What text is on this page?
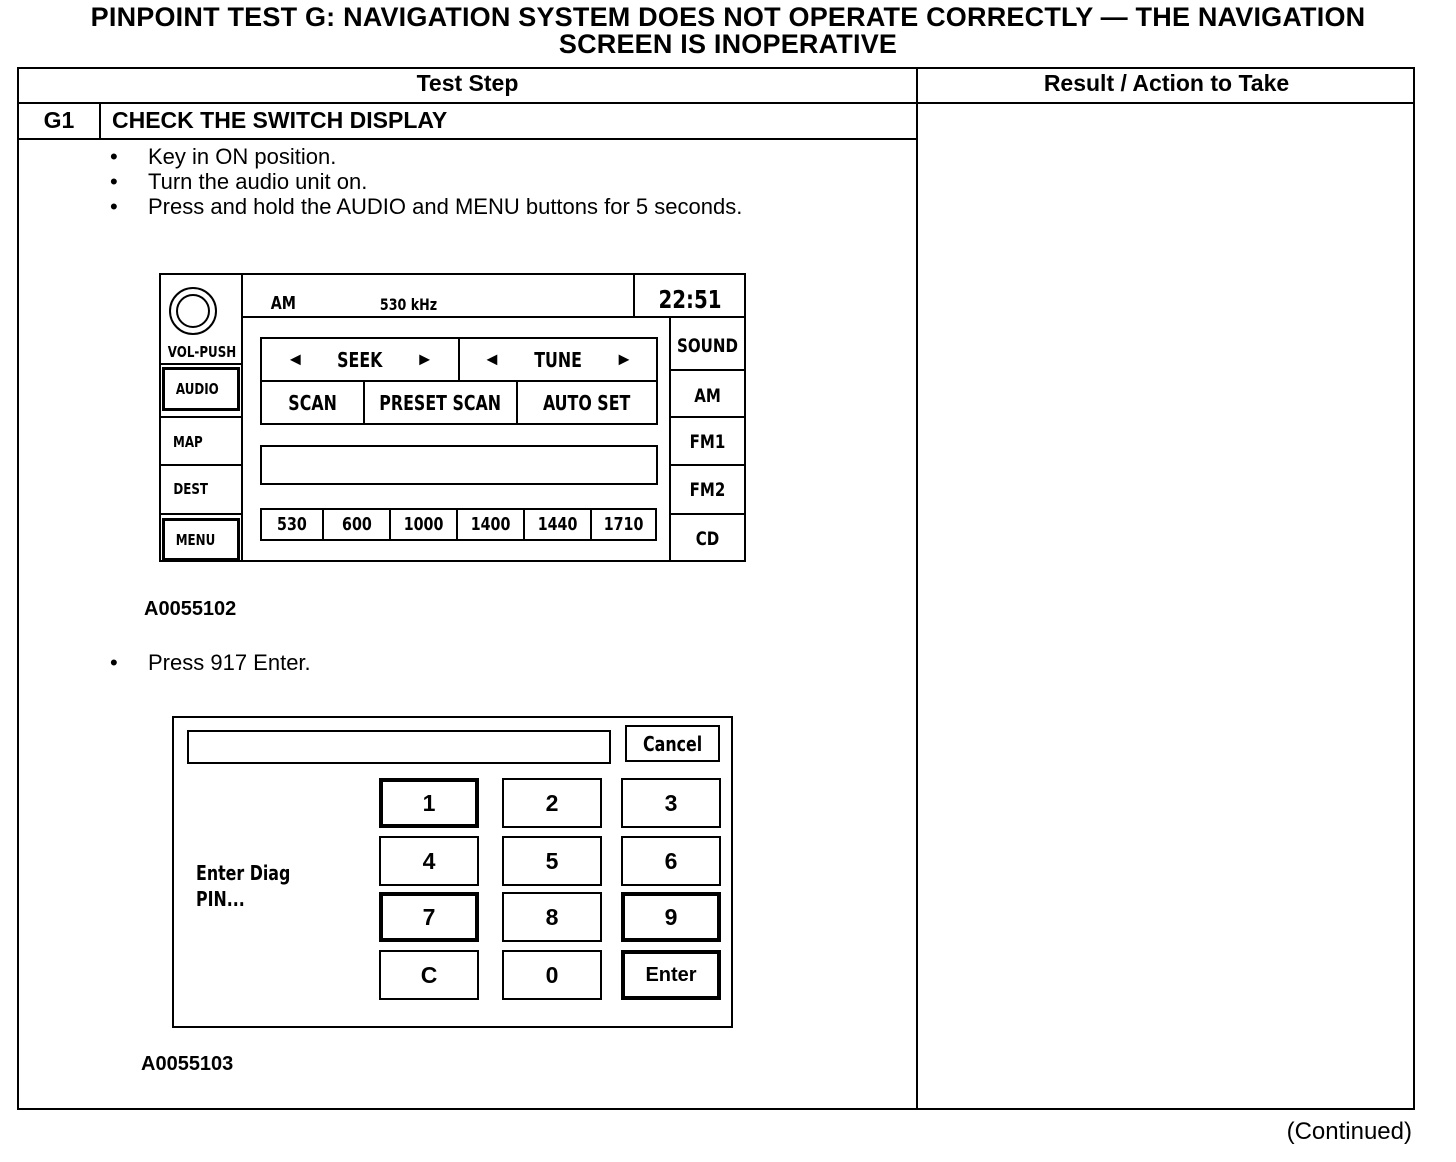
PINPOINT TEST G: NAVIGATION SYSTEM DOES NOT OPERATE CORRECTLY — THE NAVIGATION
SCREEN IS INOPERATIVE
Test Step	Result / Action to Take
G1	CHECK THE SWITCH DISPLAY
• Key in ON position.
• Turn the audio unit on.
• Press and hold the AUDIO and MENU buttons for 5 seconds.
VOL-PUSH
AUDIO
MAP
DEST
MENU
AM	530 kHz	22:51
◄ SEEK ►	◄ TUNE ►
SCAN PRESET SCAN AUTO SET
530 600 1000 1400 1440 1710
SOUND
AM
FM1
FM2
CD
A0055102
• Press 917 Enter.
Cancel
Enter Diag
PIN...
1	2	3
4	5	6
7	8	9
C	0	Enter
A0055103
(Continued)
